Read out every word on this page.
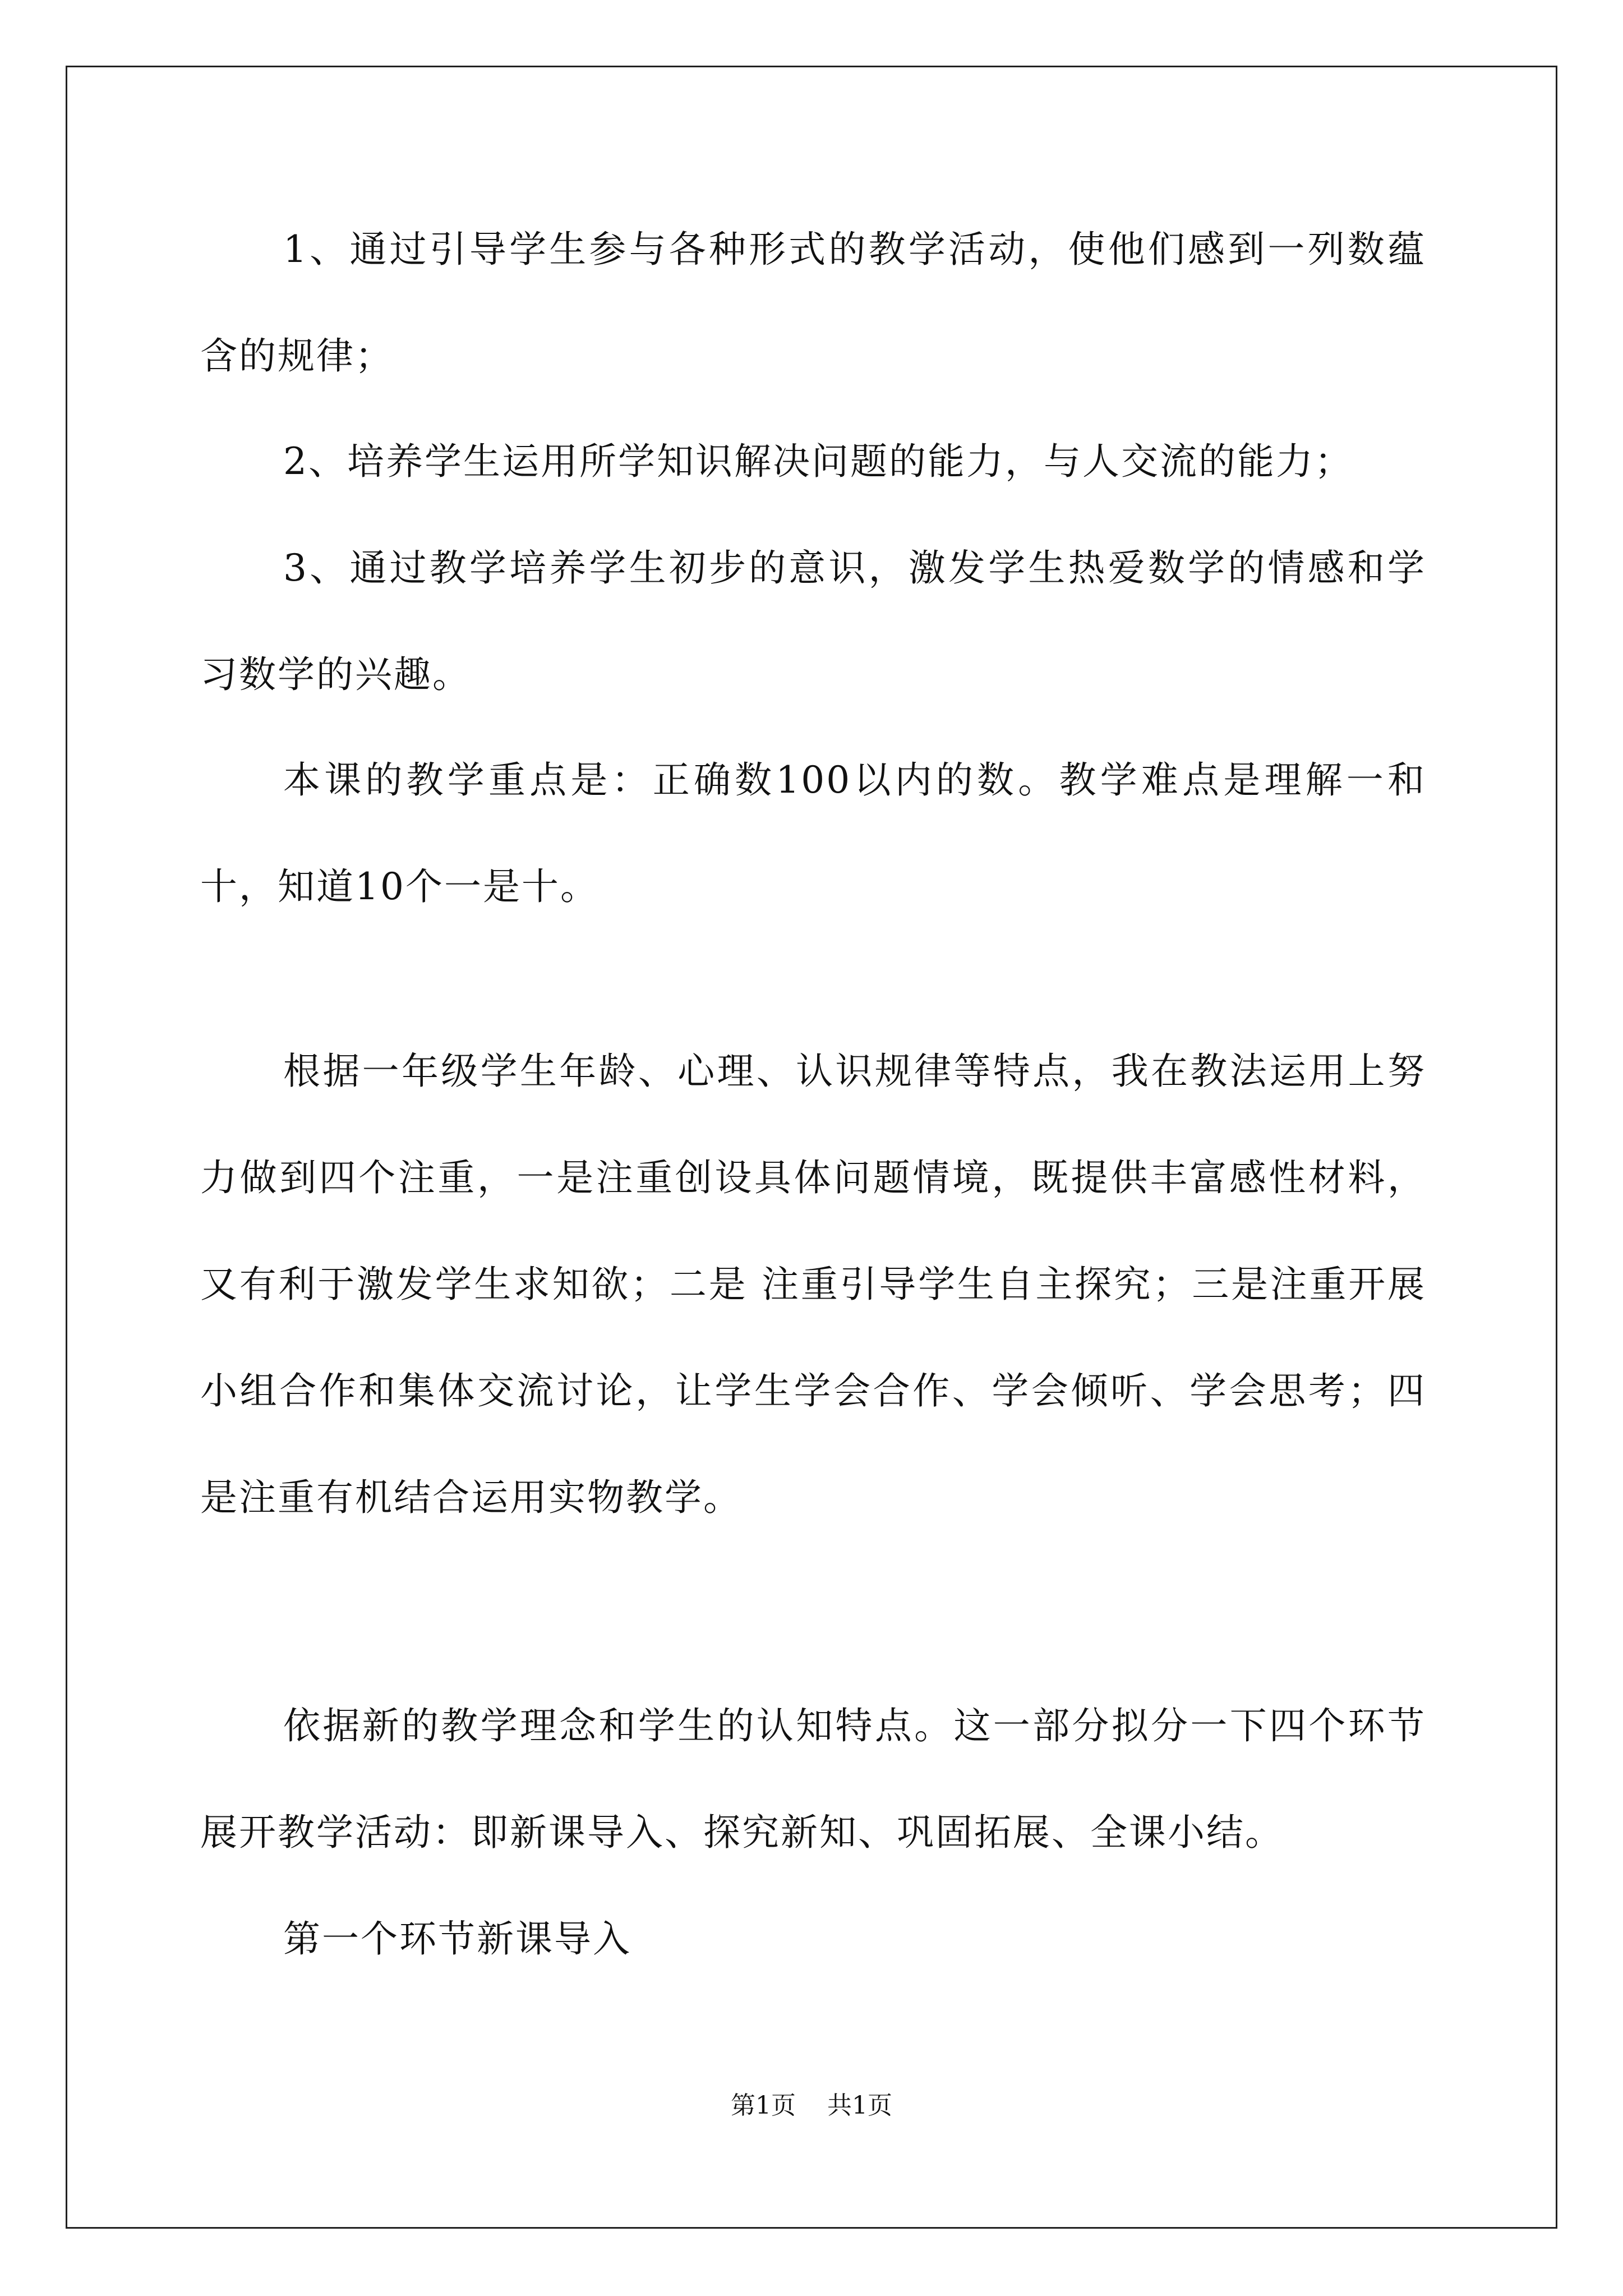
1、通过引导学生参与各种形式的教学活动，使他们感到一列数蕴含的规律；

2、培养学生运用所学知识解决问题的能力，与人交流的能力；

3、通过教学培养学生初步的意识，激发学生热爱数学的情感和学习数学的兴趣。

本课的教学重点是：正确数100以内的数。教学难点是理解一和十，知道10个一是十。

根据一年级学生年龄、心理、认识规律等特点，我在教法运用上努力做到四个注重，一是注重创设具体问题情境，既提供丰富感性材料，又有利于激发学生求知欲；二是 注重引导学生自主探究；三是注重开展小组合作和集体交流讨论，让学生学会合作、学会倾听、学会思考；四是注重有机结合运用实物教学。

依据新的教学理念和学生的认知特点。这一部分拟分一下四个环节展开教学活动：即新课导入、探究新知、巩固拓展、全课小结。

第一个环节新课导入

第1页 共1页
